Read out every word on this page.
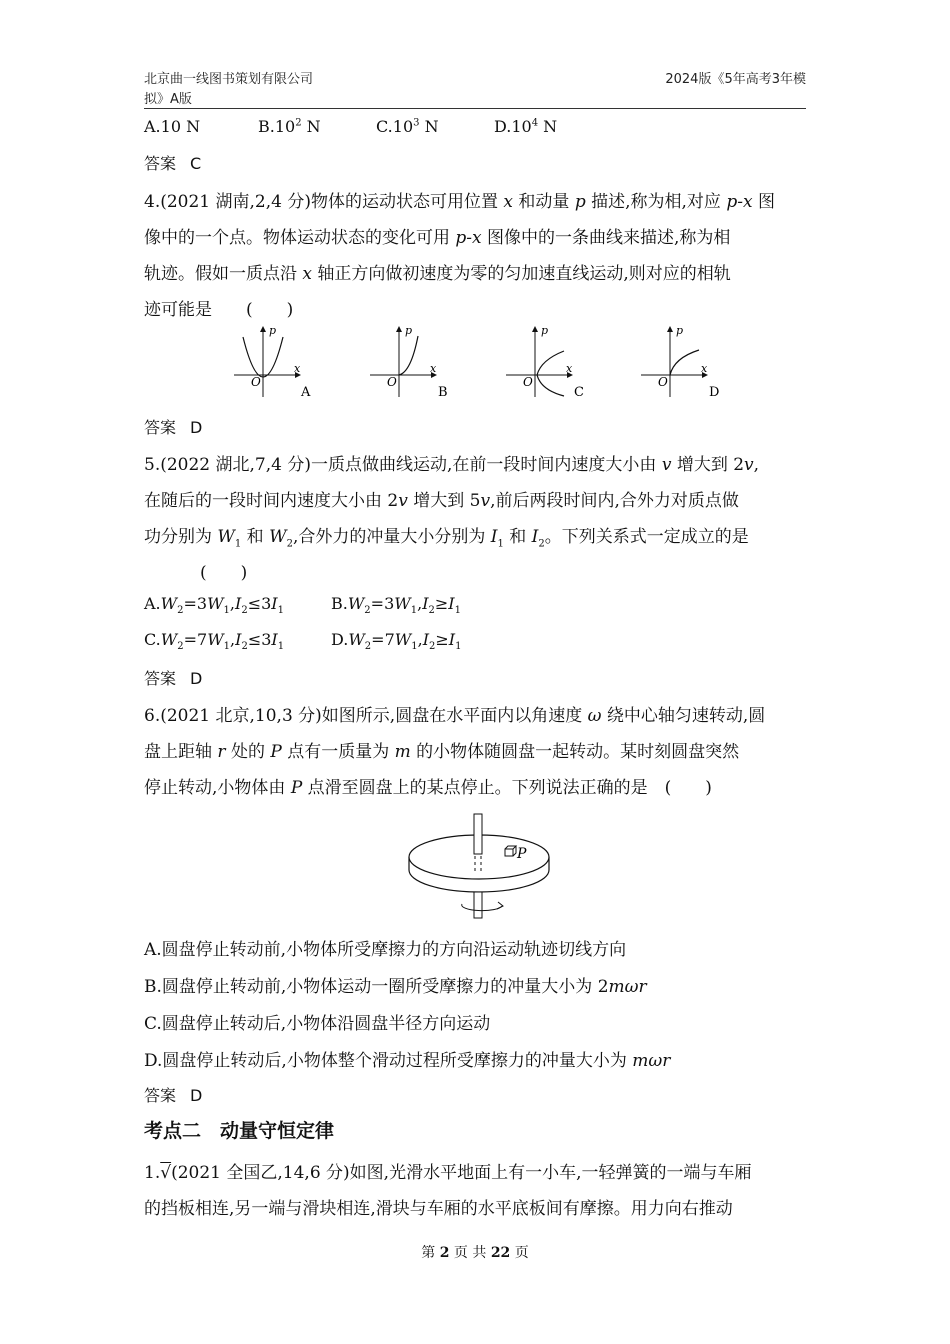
北京曲一线图书策划有限公司
拟》A版
2024版《5年高考3年模
A.10 N	$B.10^2$ N	$C.10^3$ N	$D.10^4$ N
答案 C
4.(2021 湖南,2,4 分)物体的运动状态可用位置 x 和动量 p 描述,称为相,对应 p-x 图
像中的一个点。物体运动状态的变化可用 p-x 图像中的一条曲线来描述,称为相
轨迹。假如一质点沿 x 轴正方向做初速度为零的匀加速直线运动,则对应的相轨
迹可能是　　(　　)
p
x
O
A
p
x
O
B
p
x
O
C
p
x
O
D
答案 D
5.(2022 湖北,7,4 分)一质点做曲线运动,在前一段时间内速度大小由 v 增大到 2v,
在随后的一段时间内速度大小由 2v 增大到 5v,前后两段时间内,合外力对质点做
功分别为 $W_1$ 和 $W_2$,合外力的冲量大小分别为 $I_1$ 和 $I_2$。下列关系式一定成立的是
(　　)
$A.W_2=3W_1,I_2\le 3I_1$	$B.W_2=3W_1,I_2\ge I_1$
$C.W_2=7W_1,I_2\le 3I_1$	$D.W_2=7W_1,I_2\ge I_1$
答案 D
6.(2021 北京,10,3 分)如图所示,圆盘在水平面内以角速度 ω 绕中心轴匀速转动,圆
盘上距轴 r 处的 P 点有一质量为 m 的小物体随圆盘一起转动。某时刻圆盘突然
停止转动,小物体由 P 点滑至圆盘上的某点停止。下列说法正确的是　(　　)
P
A.圆盘停止转动前,小物体所受摩擦力的方向沿运动轨迹切线方向
B.圆盘停止转动前,小物体运动一圈所受摩擦力的冲量大小为 2mωr
C.圆盘停止转动后,小物体沿圆盘半径方向运动
D.圆盘停止转动后,小物体整个滑动过程所受摩擦力的冲量大小为 mωr
答案 D
考点二　动量守恒定律
1.√(2021 全国乙,14,6 分)如图,光滑水平地面上有一小车,一轻弹簧的一端与车厢
的挡板相连,另一端与滑块相连,滑块与车厢的水平底板间有摩擦。用力向右推动
第 2 页 共 22 页
